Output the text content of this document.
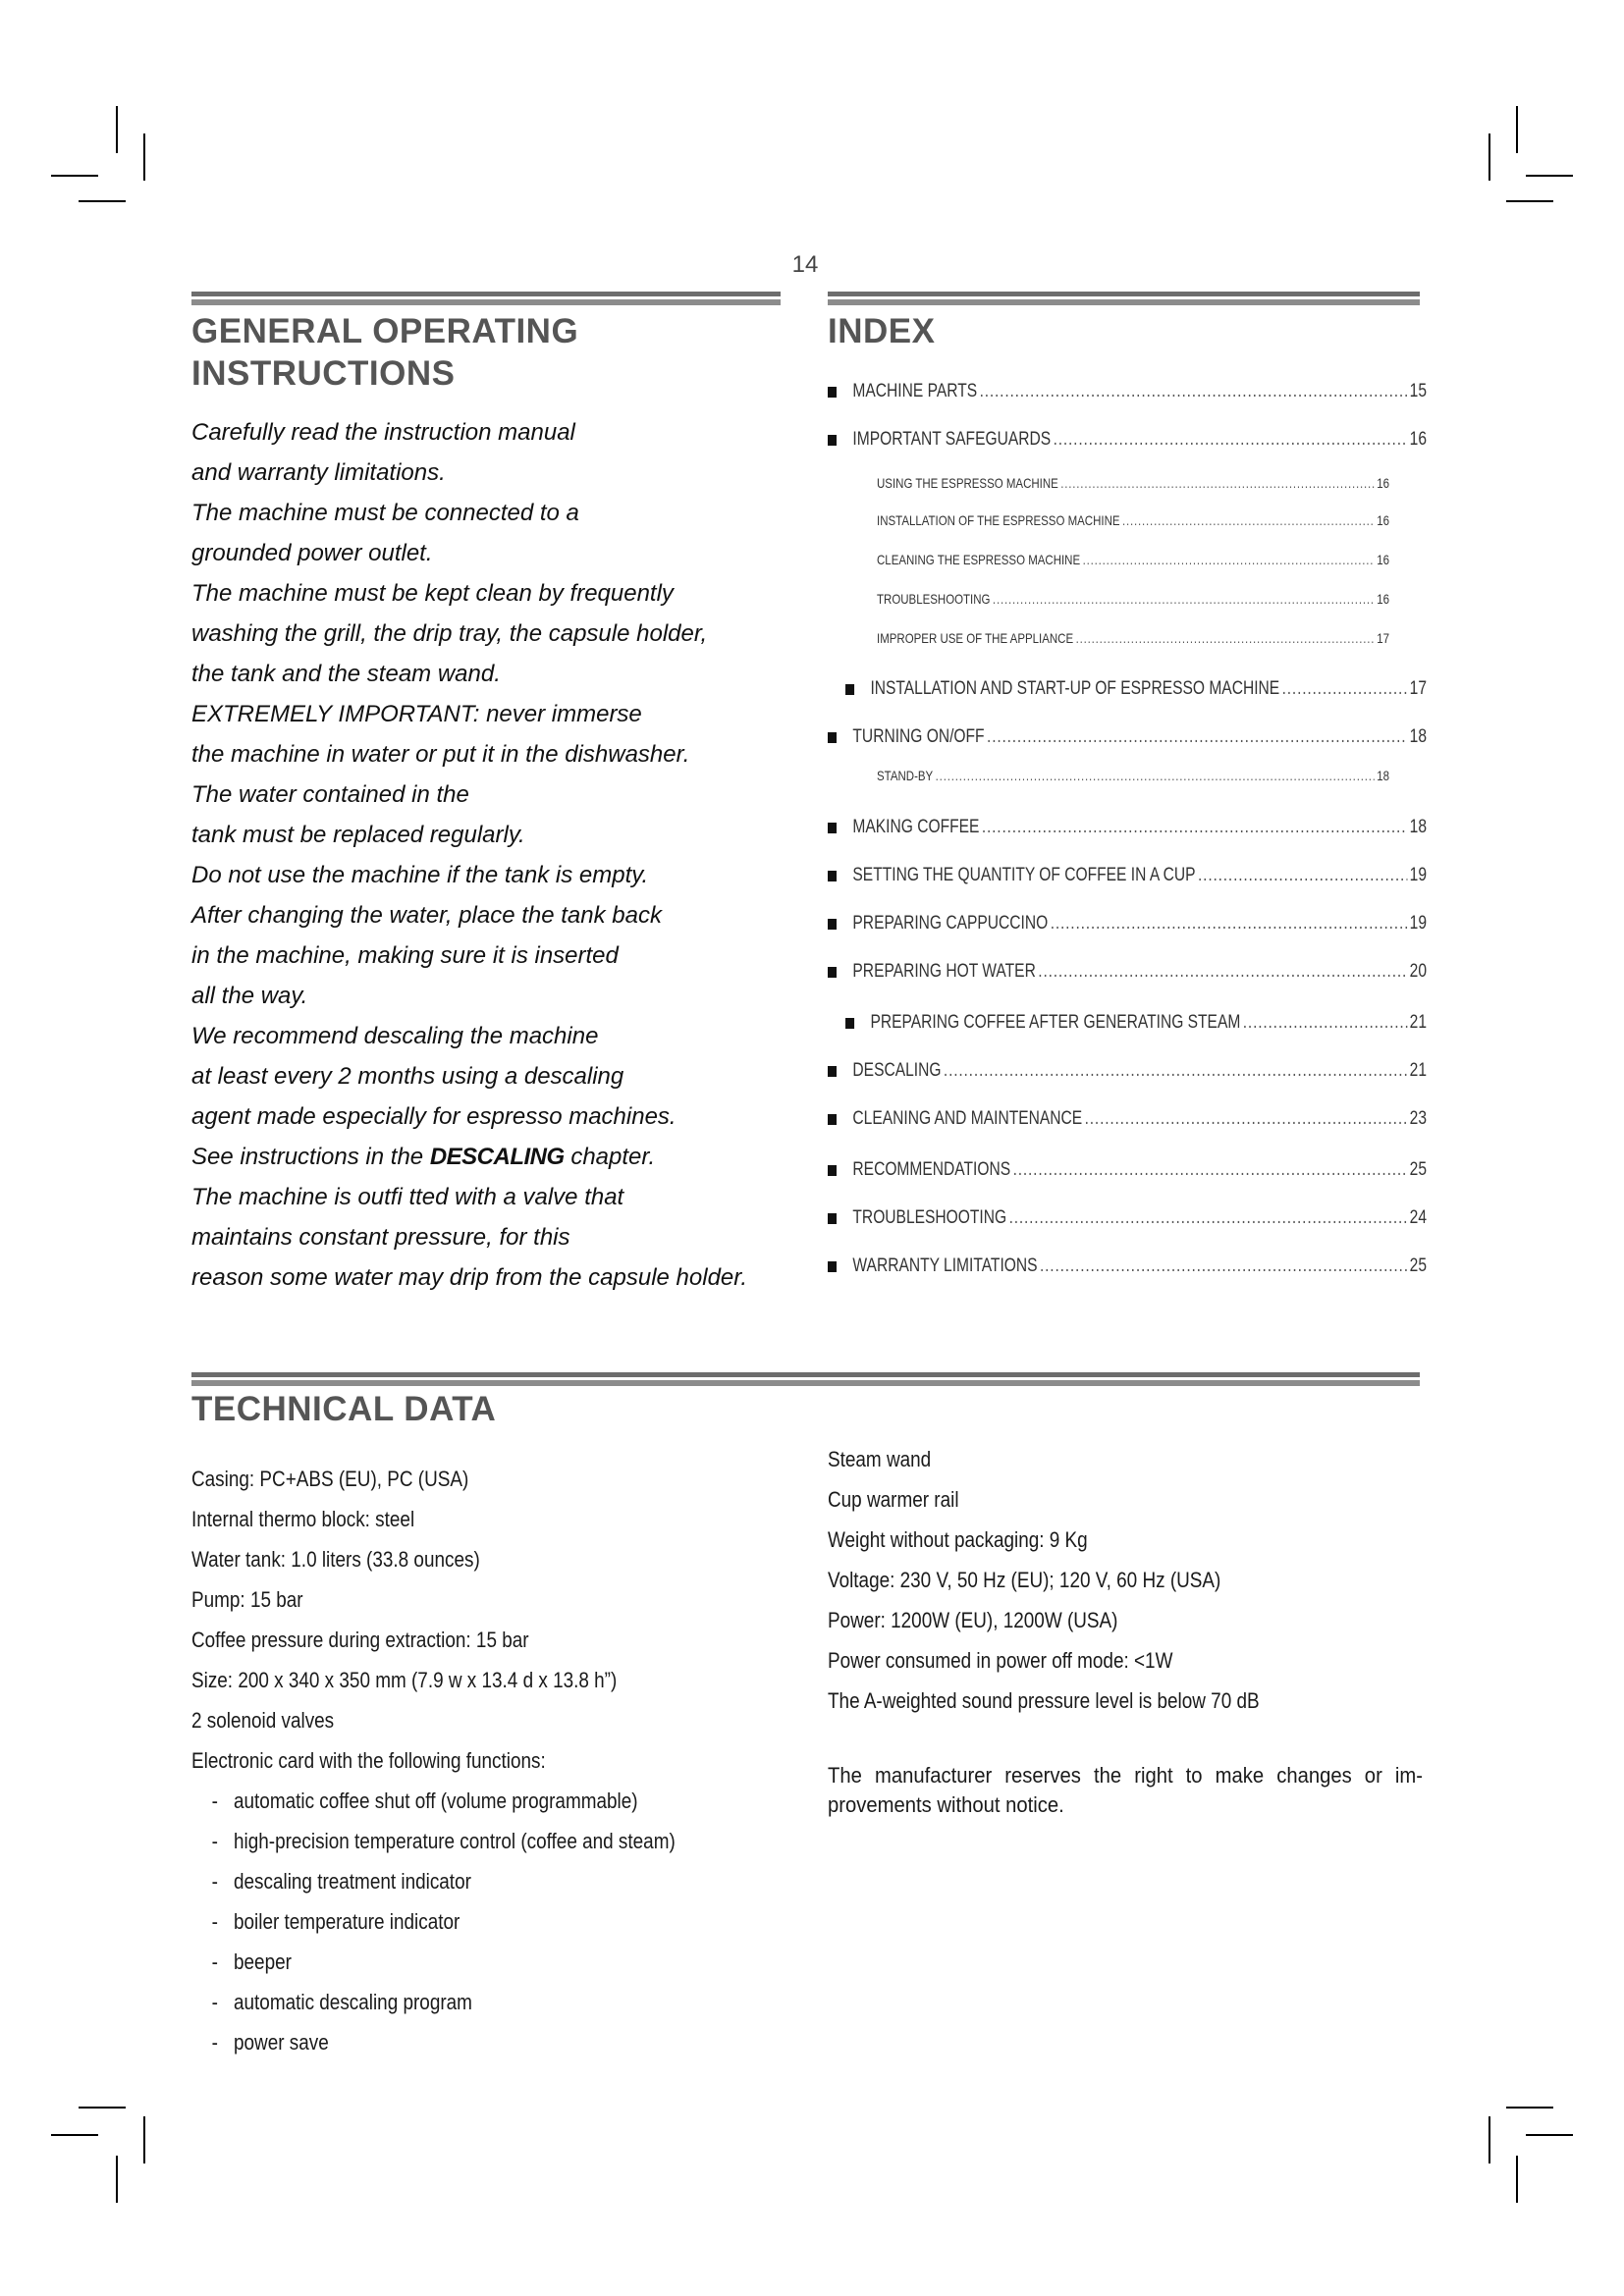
14
GENERAL OPERATING
INSTRUCTIONS
Carefully read the instruction manual
and warranty limitations.
The machine must be connected to a
grounded power outlet.
The machine must be kept clean by frequently
washing the grill, the drip tray, the capsule holder,
the tank and the steam wand.
EXTREMELY IMPORTANT: never immerse
the machine in water or put it in the dishwasher.
The water contained in the
tank must be replaced regularly.
Do not use the machine if the tank is empty.
After changing the water, place the tank back
in the machine, making sure it is inserted
all the way.
We recommend descaling the machine
at least every 2 months using a descaling
agent made especially for espresso machines.
See instructions in the DESCALING chapter.
The machine is outfi tted with a valve that
maintains constant pressure, for this
reason some water may drip from the capsule holder.
INDEX
MACHINE PARTS .....	15
IMPORTANT SAFEGUARDS .....	16
USING THE ESPRESSO MACHINE .....	16
INSTALLATION OF THE ESPRESSO MACHINE .....	16
CLEANING THE ESPRESSO MACHINE .....	16
TROUBLESHOOTING .....	16
IMPROPER USE OF THE APPLIANCE .....	17
INSTALLATION AND START-UP OF ESPRESSO MACHINE .....	17
TURNING ON/OFF .....	18
STAND-BY .....	18
MAKING COFFEE .....	18
SETTING THE QUANTITY OF COFFEE IN A CUP .....	19
PREPARING CAPPUCCINO .....	19
PREPARING HOT WATER .....	20
PREPARING COFFEE AFTER GENERATING STEAM .....	21
DESCALING .....	21
CLEANING AND MAINTENANCE .....	23
RECOMMENDATIONS .....	25
TROUBLESHOOTING .....	24
WARRANTY LIMITATIONS .....	25
TECHNICAL DATA
Casing: PC+ABS (EU), PC (USA)
Internal thermo block: steel
Water tank: 1.0 liters (33.8 ounces)
Pump: 15 bar
Coffee pressure during extraction: 15 bar
Size: 200 x 340 x 350 mm (7.9 w x 13.4 d x 13.8 h”)
2 solenoid valves
Electronic card with the following functions:
- automatic coffee shut off (volume programmable)
- high-precision temperature control (coffee and steam)
- descaling treatment indicator
- boiler temperature indicator
- beeper
- automatic descaling program
- power save
Steam wand
Cup warmer rail
Weight without packaging: 9 Kg
Voltage: 230 V, 50 Hz (EU); 120 V, 60 Hz (USA)
Power: 1200W (EU), 1200W (USA)
Power consumed in power off mode: <1W
The A-weighted sound pressure level is below 70 dB
The manufacturer reserves the right to make changes or im-provements without notice.
